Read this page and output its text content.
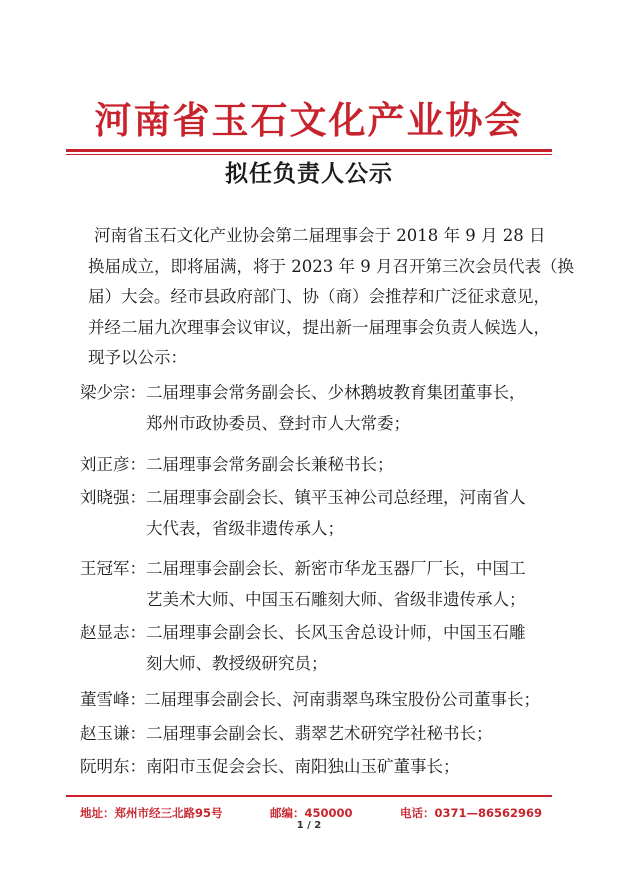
河南省玉石文化产业协会
拟任负责人公示
河南省玉石文化产业协会第二届理事会于 2018 年 9 月 28 日
换届成立，即将届满，将于 2023 年 9 月召开第三次会员代表（换
届）大会。经市县政府部门、协（商）会推荐和广泛征求意见，
并经二届九次理事会议审议，提出新一届理事会负责人候选人，
现予以公示：
梁少宗： 二届理事会常务副会长、少林鹅坡教育集团董事长，
郑州市政协委员、登封市人大常委；
刘正彦： 二届理事会常务副会长兼秘书长；
刘晓强： 二届理事会副会长、镇平玉神公司总经理，河南省人
大代表，省级非遗传承人；
王冠军： 二届理事会副会长、新密市华龙玉器厂厂长，中国工
艺美术大师、中国玉石雕刻大师、省级非遗传承人；
赵显志： 二届理事会副会长、长风玉舍总设计师，中国玉石雕
刻大师、教授级研究员；
董雪峰：
二届理事会副会长、河南翡翠鸟珠宝股份公司董事长；
赵玉谦： 二届理事会副会长、翡翠艺术研究学社秘书长；
阮明东： 南阳市玉促会会长、南阳独山玉矿董事长；
地址：郑州市经三北路95号	邮编：450000	电话：0371—86562969
1 / 2
